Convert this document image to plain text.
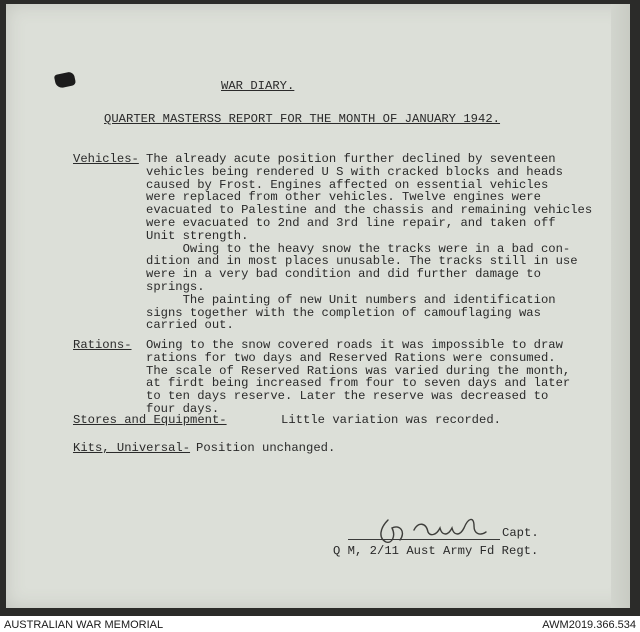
WAR DIARY.
QUARTER MASTERSS REPORT FOR THE MONTH OF JANUARY 1942.
Vehicles- The already acute position further declined by seventeen
vehicles being rendered U S with cracked blocks and heads
caused by Frost. Engines affected on essential vehicles
were replaced from other vehicles. Twelve engines were
evacuated to Palestine and the chassis and remaining vehicles
were evacuated to 2nd and 3rd line repair, and taken off
Unit strength.
Owing to the heavy snow the tracks were in a bad con-
dition and in most places unusable. The tracks still in use
were in a very bad condition and did further damage to
springs.
The painting of new Unit numbers and identification
signs together with the completion of camouflaging was
carried out.
Rations- Owing to the snow covered roads it was impossible to draw
rations for two days and Reserved Rations were consumed.
The scale of Reserved Rations was varied during the month,
at firdt being increased from four to seven days and later
to ten days reserve. Later the reserve was decreased to
four days.
Stores and Equipment-	Little variation was recorded.
Kits, Universal- Position unchanged.
Capt.
Q M, 2/11 Aust Army Fd Regt.
AUSTRALIAN WAR MEMORIAL	AWM2019.366.534
